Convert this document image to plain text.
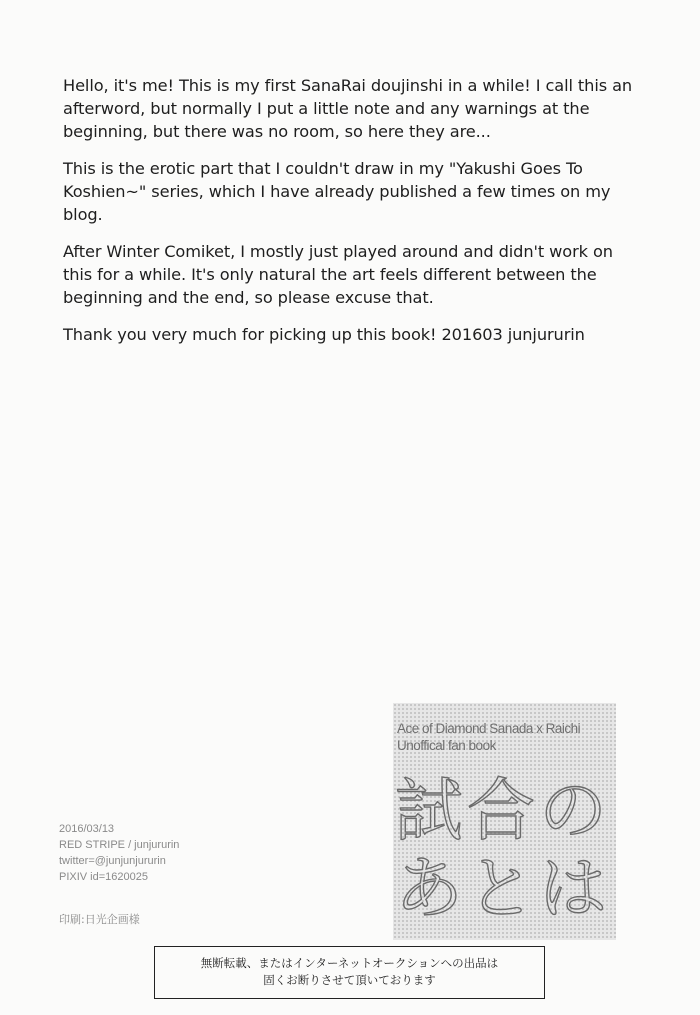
Hello, it's me! This is my first SanaRai doujinshi in a while! I call this an afterword, but normally I put a little note and any warnings at the beginning, but there was no room, so here they are...

This is the erotic part that I couldn't draw in my "Yakushi Goes To Koshien~" series, which I have already published a few times on my blog.

After Winter Comiket, I mostly just played around and didn't work on this for a while. It's only natural the art feels different between the beginning and the end, so please excuse that.

Thank you very much for picking up this book! 201603 junjururin

2016/03/13
RED STRIPE / junjururin
twitter=@junjunjururin
PIXIV id=1620025
印刷:日光企画様
Ace of Diamond Sanada x Raichi
Unoffical fan book
試合の
あとは
無断転載、またはインターネットオークションへの出品は
固くお断りさせて頂いております
